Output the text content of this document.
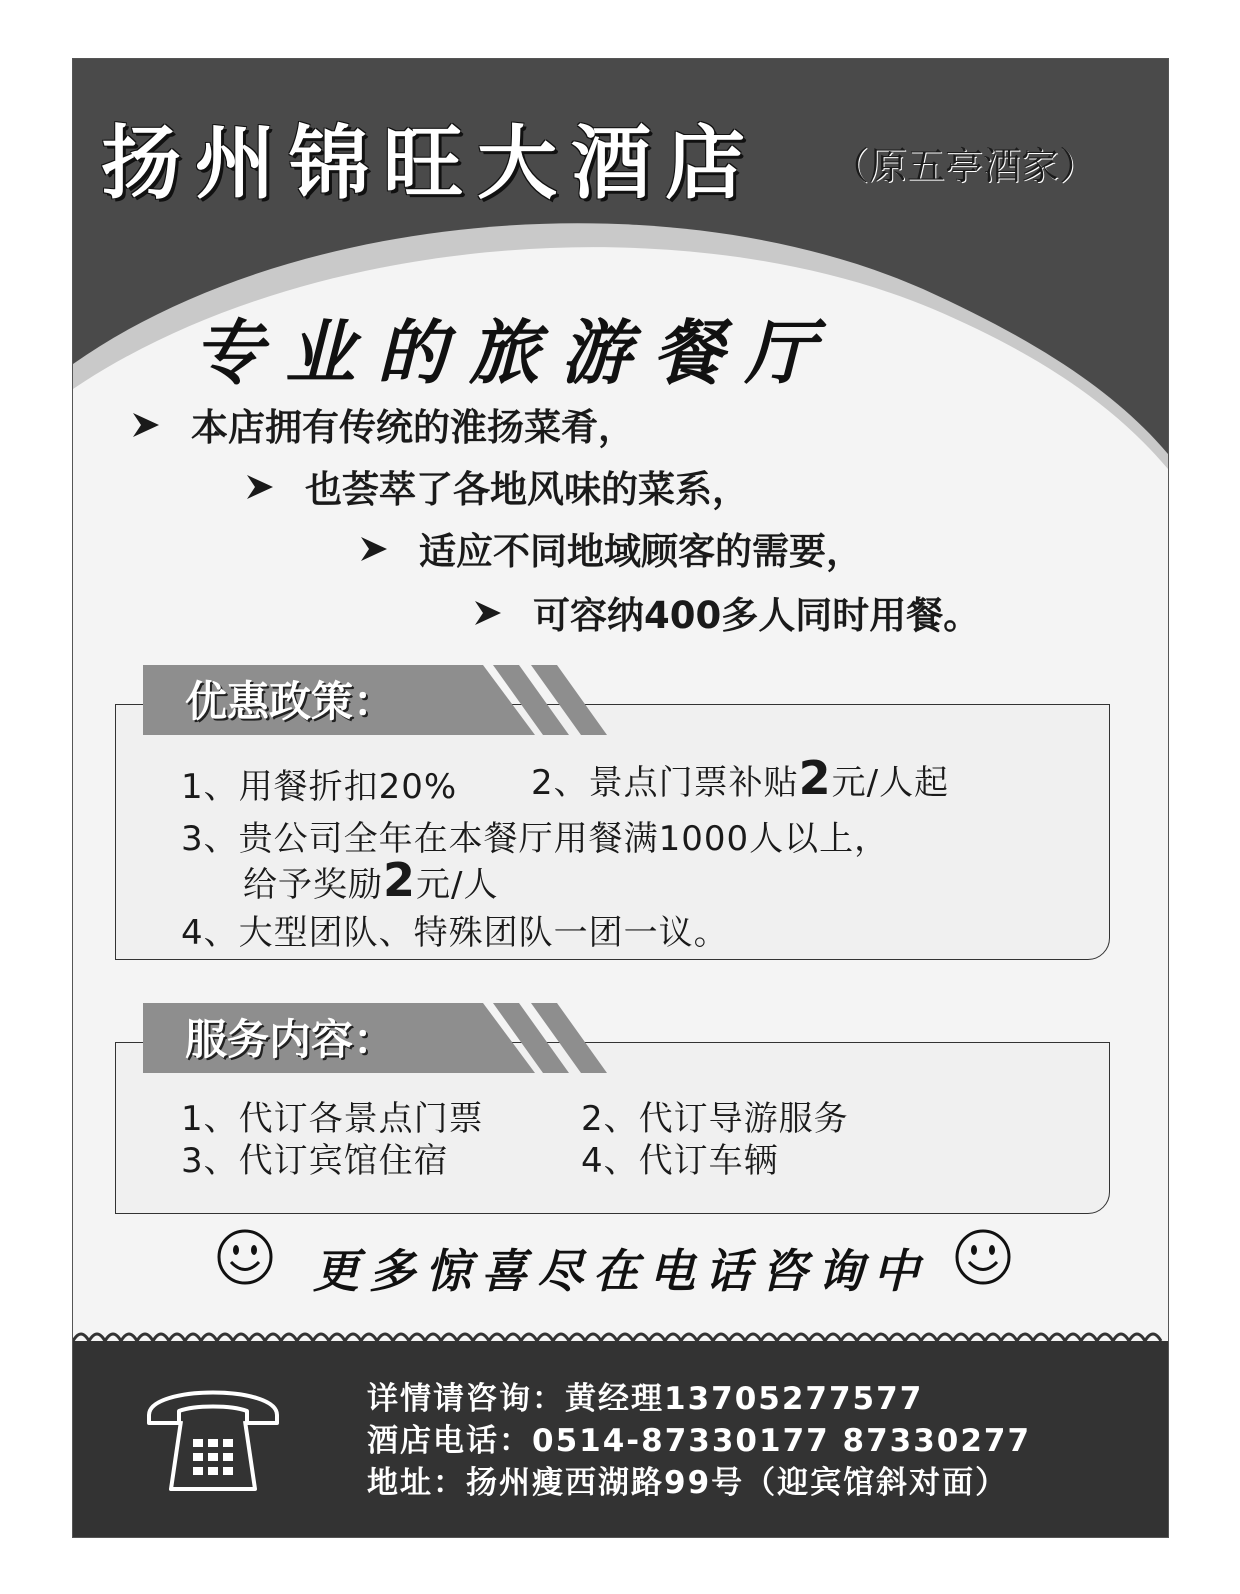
扬州锦旺大酒店 （原五亭酒家）
专业的旅游餐厅
本店拥有传统的淮扬菜肴，
也荟萃了各地风味的菜系，
适应不同地域顾客的需要，
可容纳400多人同时用餐。
优惠政策：
1、用餐折扣20% 2、景点门票补贴2元/人起
3、贵公司全年在本餐厅用餐满1000人以上，
给予奖励2元/人
4、大型团队、特殊团队一团一议。
服务内容：
1、代订各景点门票	2、代订导游服务
3、代订宾馆住宿	4、代订车辆
更多惊喜尽在电话咨询中
详情请咨询：黄经理13705277577
酒店电话：0514-87330177 87330277
地址：扬州瘦西湖路99号（迎宾馆斜对面）
